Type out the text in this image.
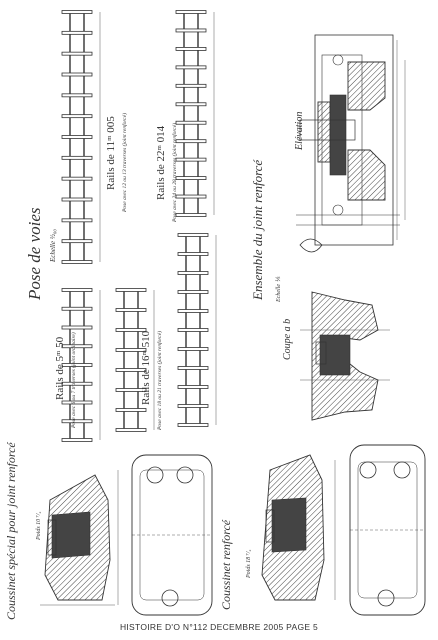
Pose de voies Echelle ½₀₀
Rails de 11ᵐ 005 Pose avec 12 ou 13 traverses (joint renforcé) Rails de 22ᵐ 014 Pose avec 24 ou 28 traverses (joint renforcé)
Rails de 5ᵐ 50 Pose avec 6 ou 7 traverses (joint ordinaire)	Rails de 16ᵐ 510 Pose avec 18 ou 21 traverses (joint renforcé)
Ensemble du joint renforcé Echelle ⅕
Elévation
Coupe a b
Coussinet spécial pour joint renforcé	Poids 10 ⁷/₄	Coussinet renforcé Poids 18 ⁷/₄
HISTOIRE D'O N°112 DECEMBRE 2005 PAGE 5
